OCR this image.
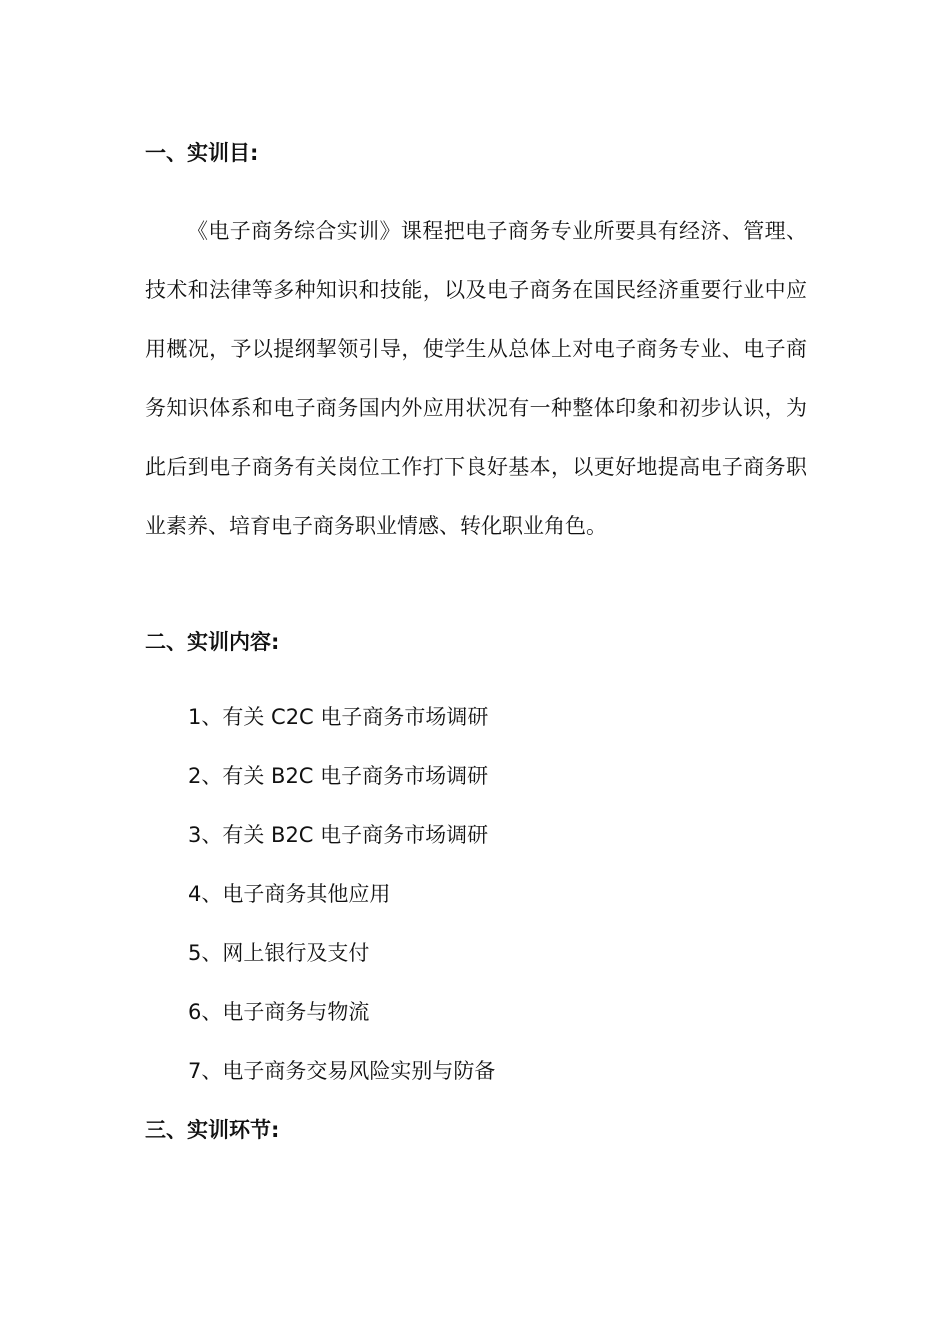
一、实训目:

《电子商务综合实训》课程把电子商务专业所要具有经济、管理、技术和法律等多种知识和技能，以及电子商务在国民经济重要行业中应用概况，予以提纲挈领引导，使学生从总体上对电子商务专业、电子商务知识体系和电子商务国内外应用状况有一种整体印象和初步认识，为此后到电子商务有关岗位工作打下良好基本，以更好地提高电子商务职业素养、培育电子商务职业情感、转化职业角色。

二、实训内容:
1、有关 C2C 电子商务市场调研
2、有关 B2C 电子商务市场调研
3、有关 B2C 电子商务市场调研
4、电子商务其他应用
5、网上银行及支付
6、电子商务与物流
7、电子商务交易风险实别与防备
三、实训环节:
